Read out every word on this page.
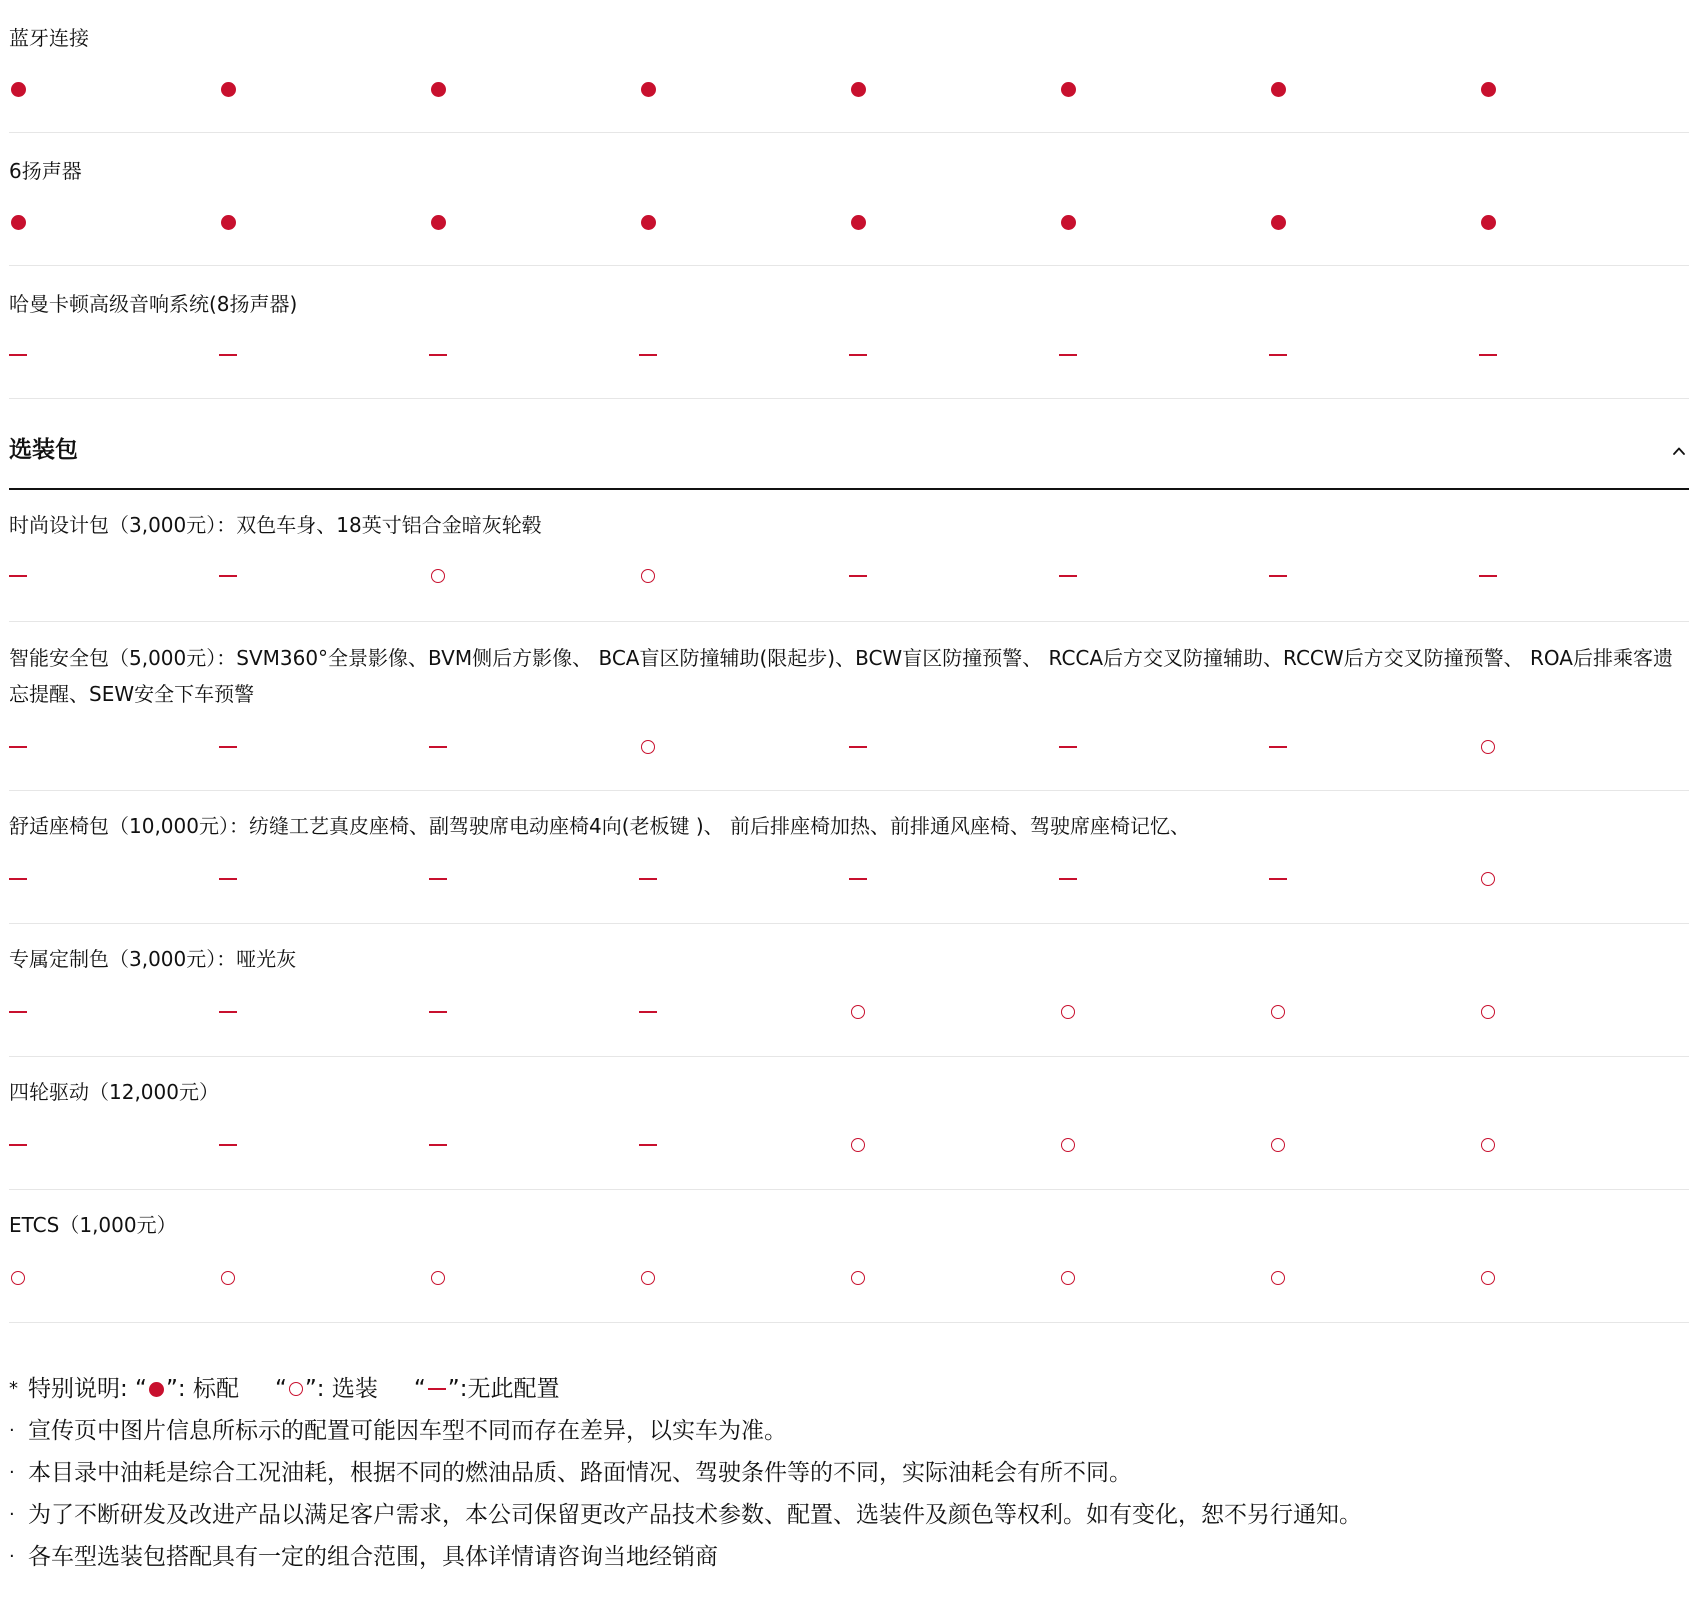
蓝牙连接
6扬声器
哈曼卡顿高级音响系统(8扬声器)
选装包
时尚设计包（3,000元）：双色车身、18英寸铝合金暗灰轮毂
智能安全包（5,000元）：SVM360°全景影像、BVM侧后方影像、 BCA盲区防撞辅助(限起步)、BCW盲区防撞预警、 RCCA后方交叉防撞辅助、RCCW后方交叉防撞预警、 ROA后排乘客遗忘提醒、SEW安全下车预警
舒适座椅包（10,000元）：纺缝工艺真皮座椅、副驾驶席电动座椅4向(老板键 )、 前后排座椅加热、前排通风座椅、驾驶席座椅记忆、
专属定制色（3,000元）：哑光灰
四轮驱动（12,000元）
ETCS（1,000元）
* 特别说明: “ ”: 标配 “ ”: 选装 “ ”:无此配置
· 宣传页中图片信息所标示的配置可能因车型不同而存在差异，以实车为准。
· 本目录中油耗是综合工况油耗，根据不同的燃油品质、路面情况、驾驶条件等的不同，实际油耗会有所不同。
· 为了不断研发及改进产品以满足客户需求，本公司保留更改产品技术参数、配置、选装件及颜色等权利。如有变化，恕不另行通知。
· 各车型选装包搭配具有一定的组合范围，具体详情请咨询当地经销商
